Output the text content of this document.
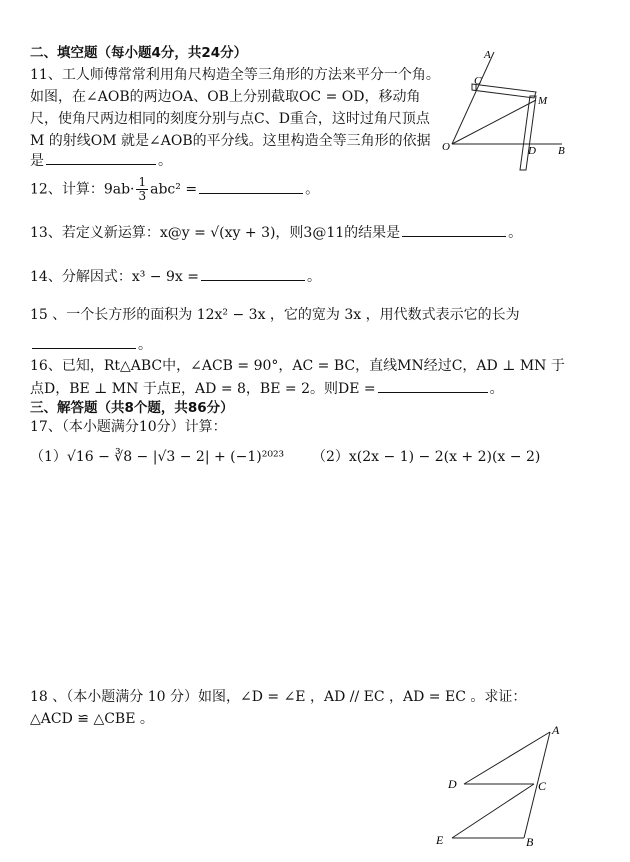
二、填空题（每小题4分，共24分）
11、工人师傅常常利用角尺构造全等三角形的方法来平分一个角。
如图，在∠AOB的两边OA、OB上分别截取OC = OD，移动角
尺，使角尺两边相同的刻度分别与点C、D重合，这时过角尺顶点
M 的射线OM 就是∠AOB的平分线。这里构造全等三角形的依据
是	。
A
C
M
O	D B
12、计算：$9ab\cdot \frac{1}{3} abc^2$ =	。
13、若定义新运算：x@y = √(xy + 3)，则3@11的结果是	。
14、分解因式：x³ − 9x =	。
15 、一个长方形的面积为 12x² − 3x ，它的宽为 3x ，用代数式表示它的长为
。
16、已知，Rt△ABC中，∠ACB = 90°，AC = BC，直线MN经过C，AD ⊥ MN 于
点D，BE ⊥ MN 于点E，AD = 8，BE = 2。则DE =	。
三、解答题（共8个题，共86分）
17、（本小题满分10分）计算：
（1）√16 − ∛8 − |√3 − 2| + (−1)²⁰²³ （2）x(2x − 1) − 2(x + 2)(x − 2)
18 、（本小题满分 10 分）如图，∠D = ∠E ，AD // EC ，AD = EC 。求证：
△ACD ≌ △CBE 。
A
D	C
E	B
